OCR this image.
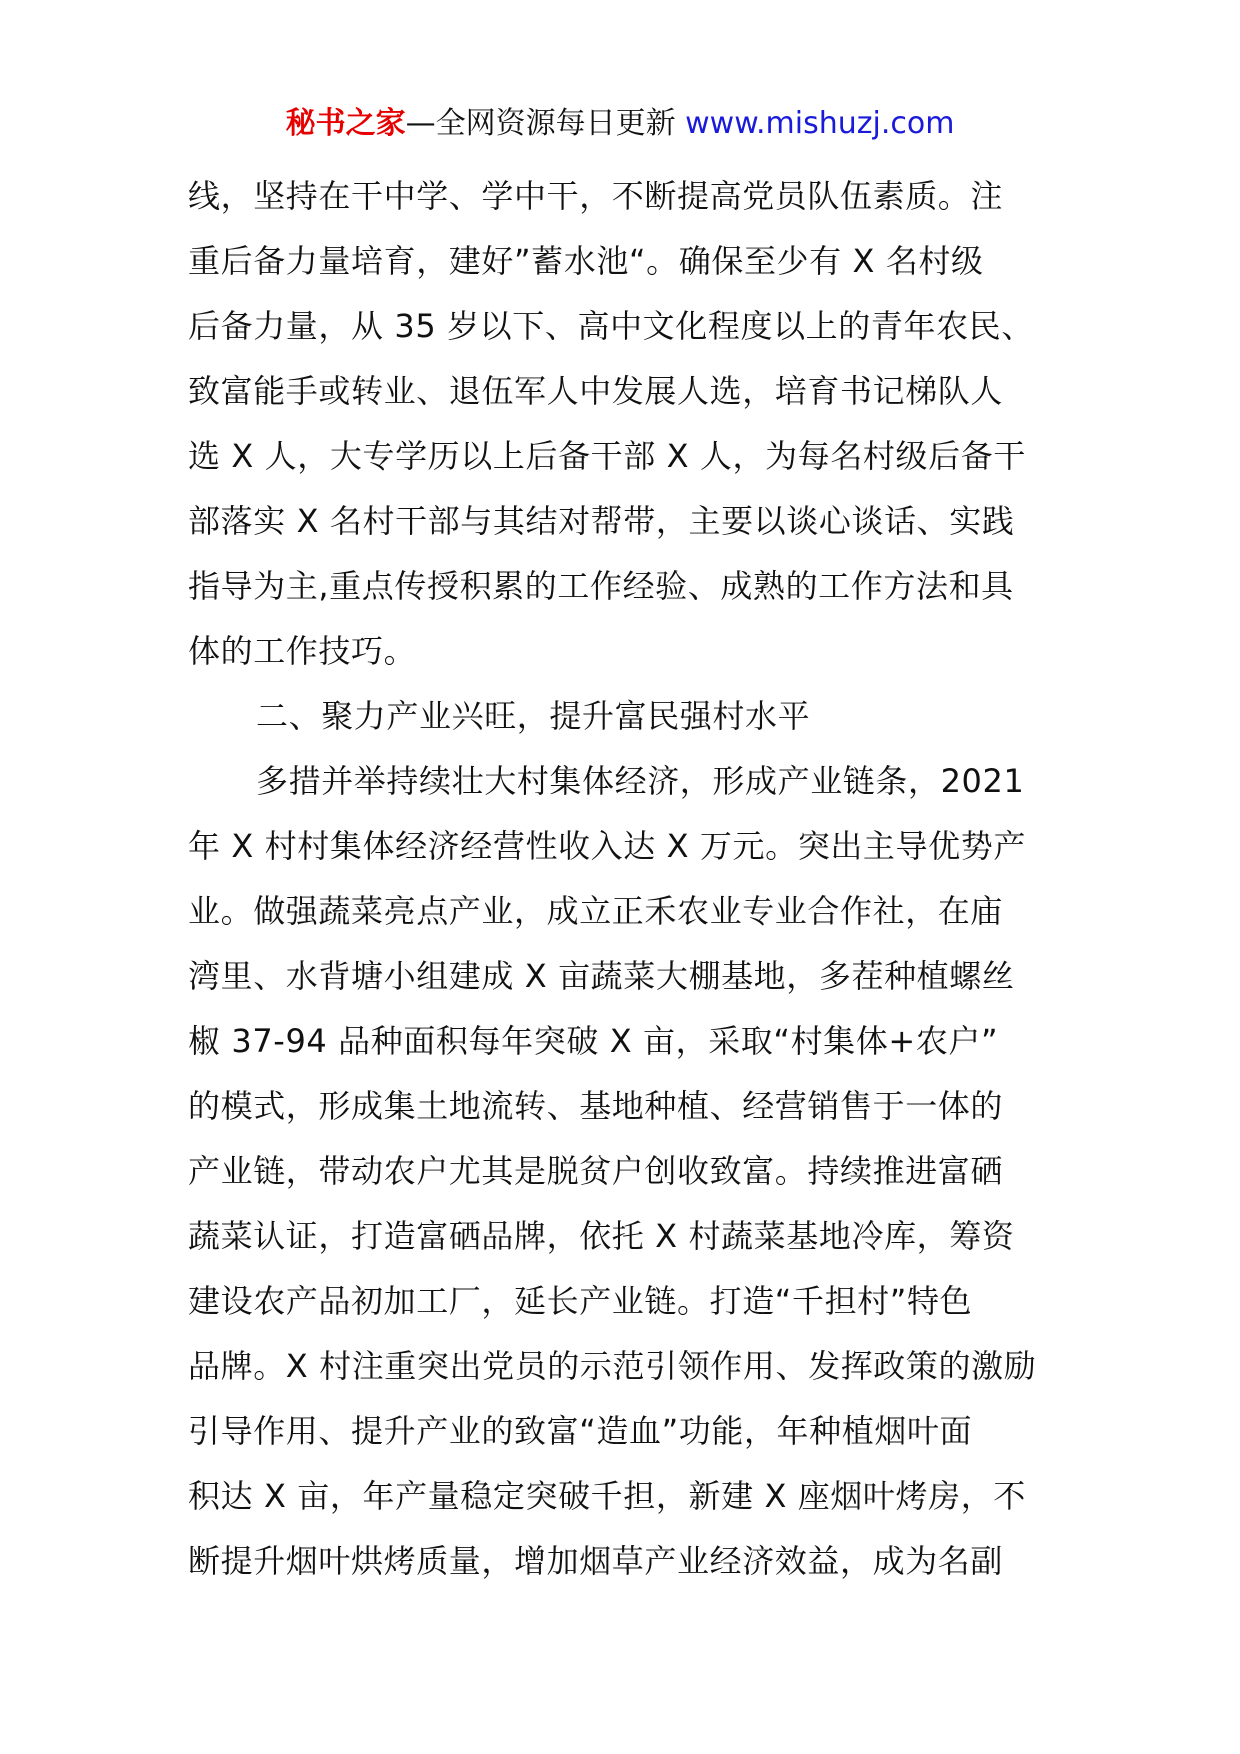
秘书之家—全网资源每日更新 www.mishuzj.com
线，坚持在干中学、学中干，不断提高党员队伍素质。注
重后备力量培育，建好”蓄水池“。确保至少有 X 名村级
后备力量，从 35 岁以下、高中文化程度以上的青年农民、
致富能手或转业、退伍军人中发展人选，培育书记梯队人
选 X 人，大专学历以上后备干部 X 人，为每名村级后备干
部落实 X 名村干部与其结对帮带，主要以谈心谈话、实践
指导为主,重点传授积累的工作经验、成熟的工作方法和具
体的工作技巧。
二、聚力产业兴旺，提升富民强村水平
多措并举持续壮大村集体经济，形成产业链条，2021
年 X 村村集体经济经营性收入达 X 万元。突出主导优势产
业。做强蔬菜亮点产业，成立正禾农业专业合作社，在庙
湾里、水背塘小组建成 X 亩蔬菜大棚基地，多茬种植螺丝
椒 37-94 品种面积每年突破 X 亩，采取“村集体+农户”
的模式，形成集土地流转、基地种植、经营销售于一体的
产业链，带动农户尤其是脱贫户创收致富。持续推进富硒
蔬菜认证，打造富硒品牌，依托 X 村蔬菜基地冷库，筹资
建设农产品初加工厂，延长产业链。打造“千担村”特色
品牌。X 村注重突出党员的示范引领作用、发挥政策的激励
引导作用、提升产业的致富“造血”功能，年种植烟叶面
积达 X 亩，年产量稳定突破千担，新建 X 座烟叶烤房，不
断提升烟叶烘烤质量，增加烟草产业经济效益，成为名副
